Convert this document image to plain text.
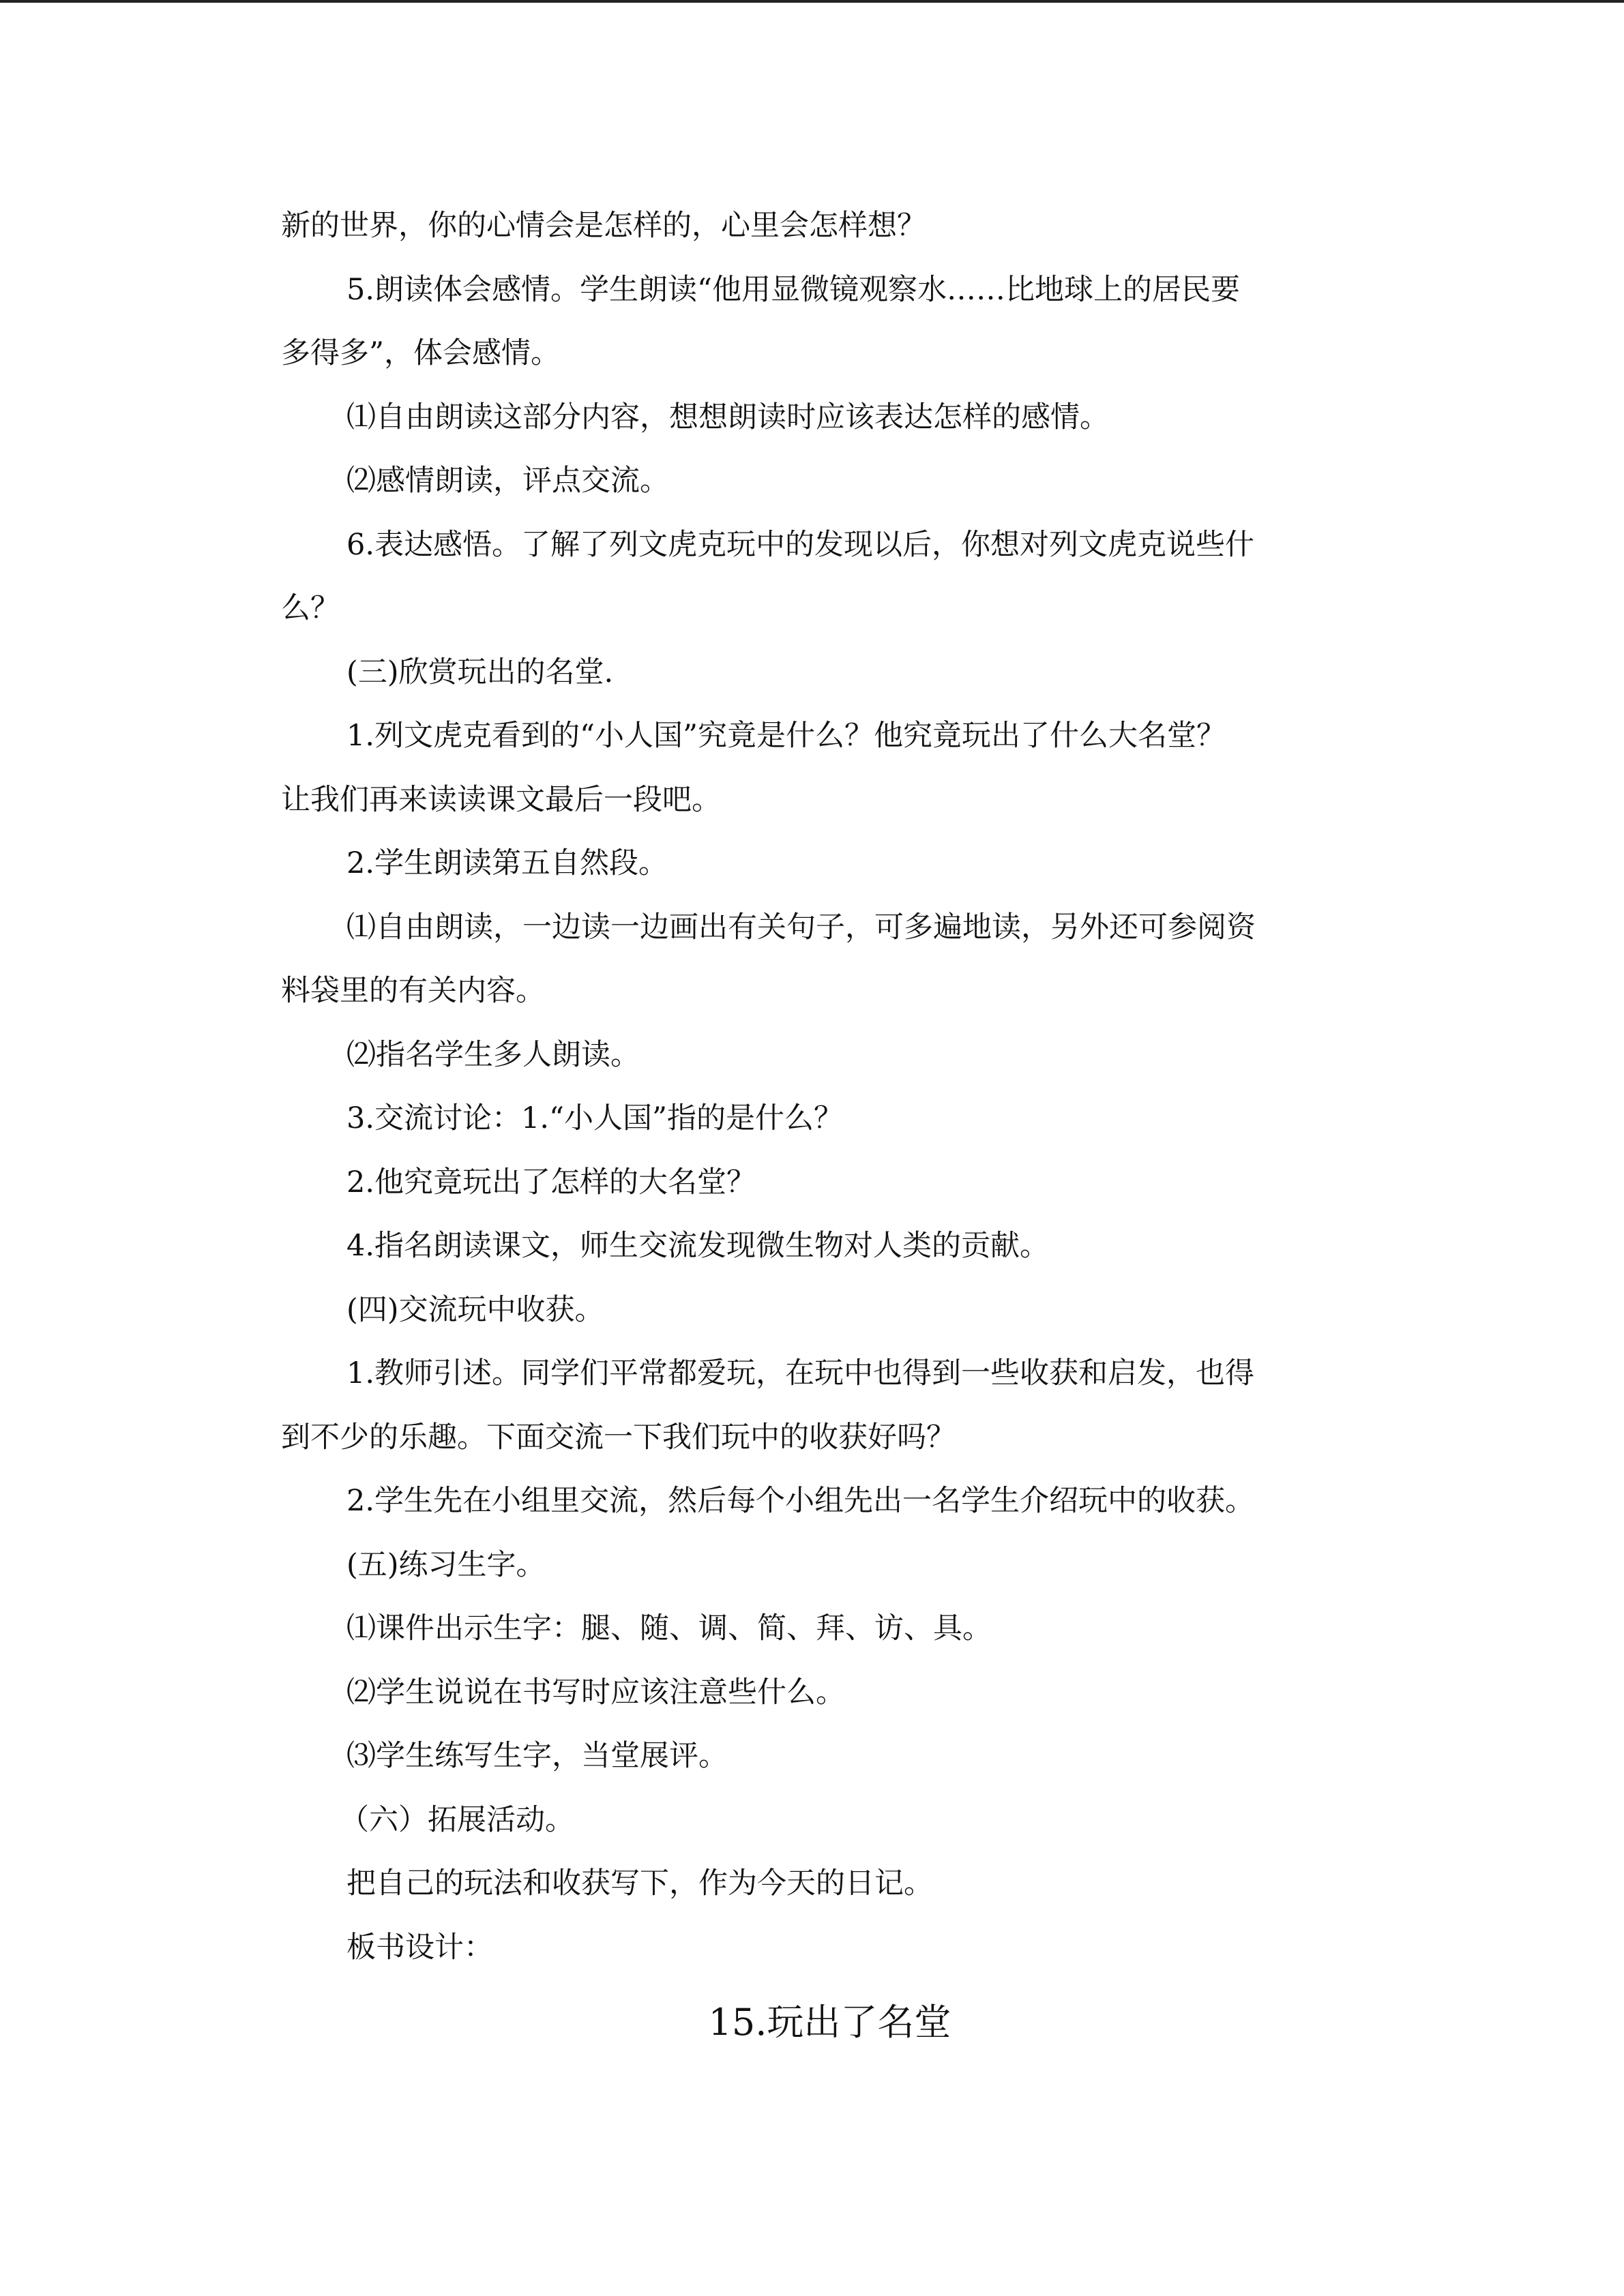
新的世界，你的心情会是怎样的，心里会怎样想？
5.朗读体会感情。学生朗读“他用显微镜观察水……比地球上的居民要
多得多”，体会感情。
⑴自由朗读这部分内容，想想朗读时应该表达怎样的感情。
⑵感情朗读，评点交流。
6.表达感悟。了解了列文虎克玩中的发现以后，你想对列文虎克说些什
么？
(三)欣赏玩出的名堂.
1.列文虎克看到的“小人国”究竟是什么？他究竟玩出了什么大名堂？
让我们再来读读课文最后一段吧。
2.学生朗读第五自然段。
⑴自由朗读，一边读一边画出有关句子，可多遍地读，另外还可参阅资
料袋里的有关内容。
⑵指名学生多人朗读。
3.交流讨论：1.“小人国”指的是什么？
2.他究竟玩出了怎样的大名堂？
4.指名朗读课文，师生交流发现微生物对人类的贡献。
(四)交流玩中收获。
1.教师引述。同学们平常都爱玩，在玩中也得到一些收获和启发，也得
到不少的乐趣。下面交流一下我们玩中的收获好吗？
2.学生先在小组里交流，然后每个小组先出一名学生介绍玩中的收获。
(五)练习生字。
⑴课件出示生字：腿、随、调、简、拜、访、具。
⑵学生说说在书写时应该注意些什么。
⑶学生练写生字，当堂展评。
（六）拓展活动。
把自己的玩法和收获写下，作为今天的日记。
板书设计：
15.玩出了名堂
